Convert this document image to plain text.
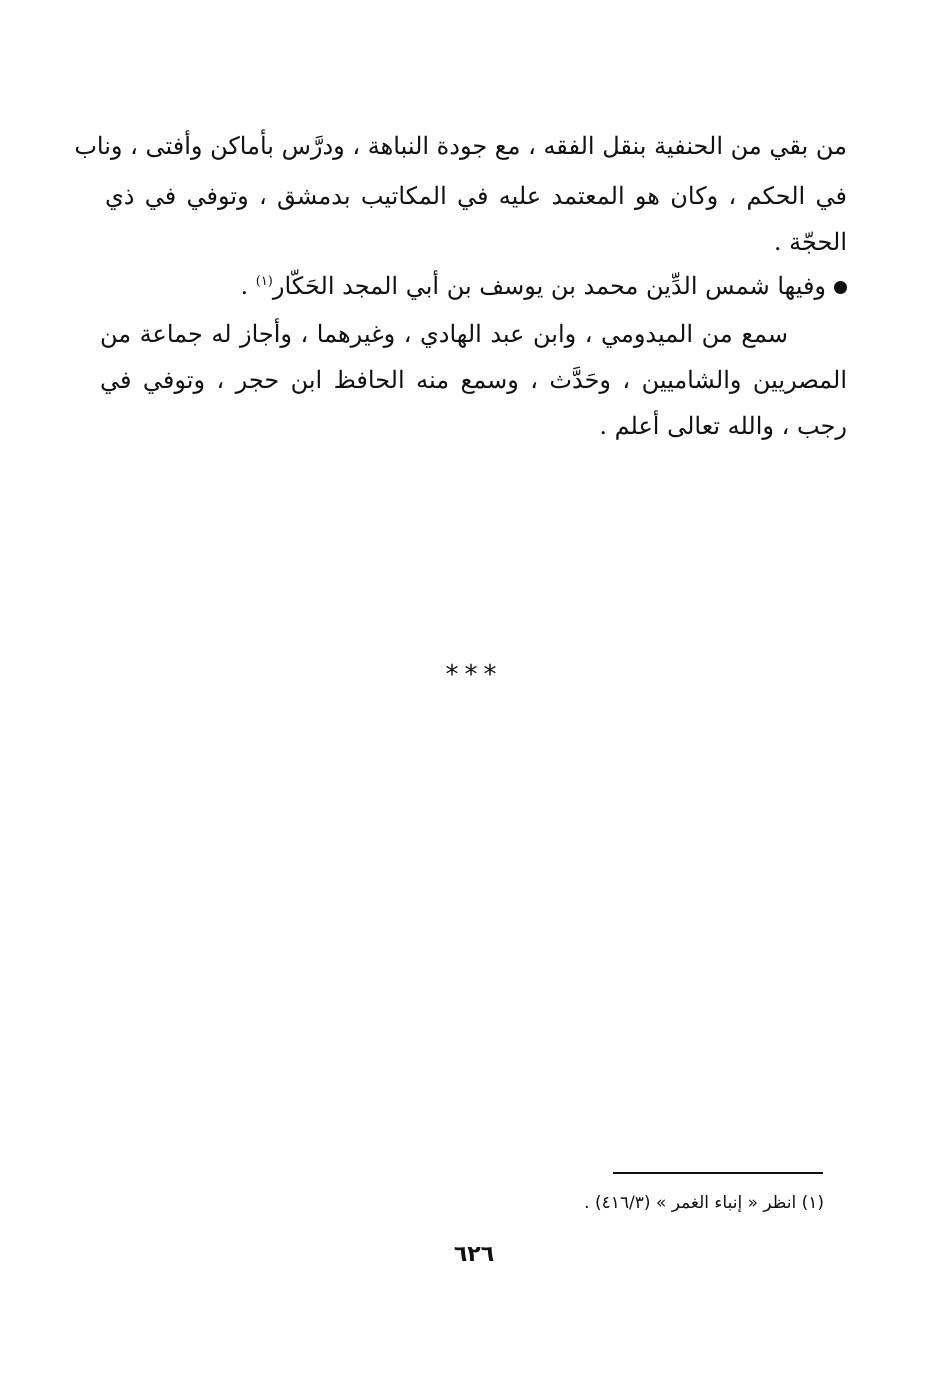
من بقي من الحنفية بنقل الفقه ، مع جودة النباهة ، ودرَّس بأماكن وأفتى ، وناب
في الحكم ، وكان هو المعتمد عليه في المكاتيب بدمشق ، وتوفي في ذي
الحجّة .
وفيها شمس الدِّين محمد بن يوسف بن أبي المجد الحَكّار$^{(١)}$ .
سمع من الميدومي ، وابن عبد الهادي ، وغيرهما ، وأجاز له جماعة من
المصريين والشاميين ، وحَدَّث ، وسمع منه الحافظ ابن حجر ، وتوفي في
رجب ، والله تعالى أعلم .
***
(١) انظر « إنباء الغمر » (٤١٦/٣) .
٦٢٦
